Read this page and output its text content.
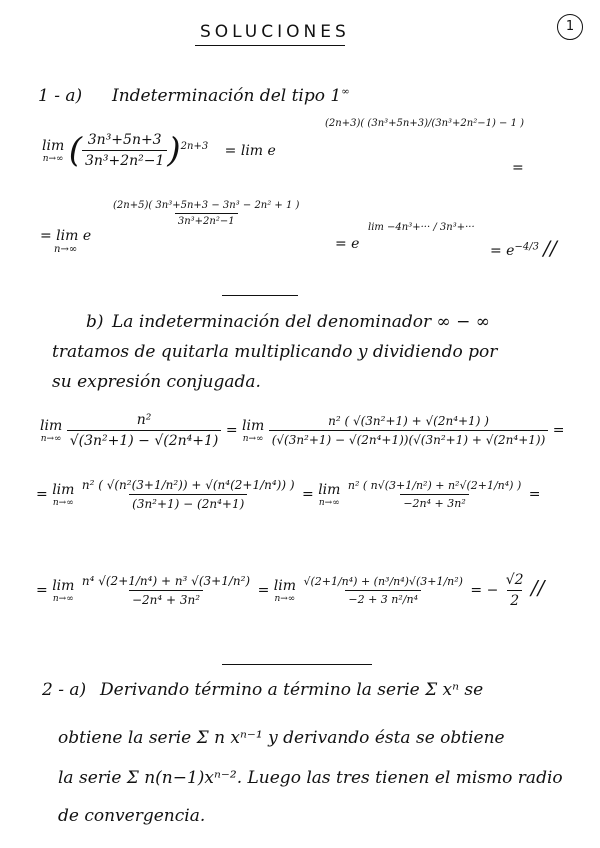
SOLUCIONES	1
1 - a) Indeterminación del tipo 1∞
lim
n→∞ ( $\frac{\text{3n³+5n+3}}{\text{3n³+2n²−1}} )^{2n+3} = \lim e$
(2n+3)( (3n³+5n+3)/(3n³+2n²−1) − 1 )
=
= lim e
n→∞
$\frac{\text{(2n+5)( 3n³+5n+3 − 3n³ − 2n² + 1 )}}{\text{3n³+2n²−1}}$
= e
lim −4n³+··· / 3n³+···
= $e^{-4/3}$ //
b) La indeterminación del denominador ∞ − ∞
tratamos de quitarla multiplicando y dividiendo por
su expresión conjugada.
lim
n→∞
$\frac{\text{n²}}{\text{√(3n²+1) − √(2n⁴+1)}} = \lim$
n→∞
$\frac{\text{n² ( √(3n²+1) + √(2n⁴+1) )}}{\text{(√(3n²+1) − √(2n⁴+1))(√(3n²+1) + √(2n⁴+1))}}$ =
= lim
n→∞
$\frac{\text{n² ( √(n²(3+1/n²)) + √(n⁴(2+1/n⁴)) )}}{\text{(3n²+1) − (2n⁴+1)}} = \lim$
n→∞
$\frac{\text{n² ( n√(3+1/n²) + n²√(2+1/n⁴) )}}{\text{−2n⁴ + 3n²}}$ =
= lim
n→∞
$\frac{\text{n⁴ √(2+1/n⁴) + n³ √(3+1/n²)}}{\text{−2n⁴ + 3n²}} = \lim$
n→∞
$\frac{\text{√(2+1/n⁴) + (n³/n⁴)√(3+1/n²)}}{\text{−2 + 3 n²/n⁴}}$ = − $\frac{√2}{2}$ //
2 - a) Derivando término a término la serie Σ xⁿ se
obtiene la serie Σ n xⁿ⁻¹ y derivando ésta se obtiene
la serie Σ n(n−1)xⁿ⁻². Luego las tres tienen el mismo radio
de convergencia.
